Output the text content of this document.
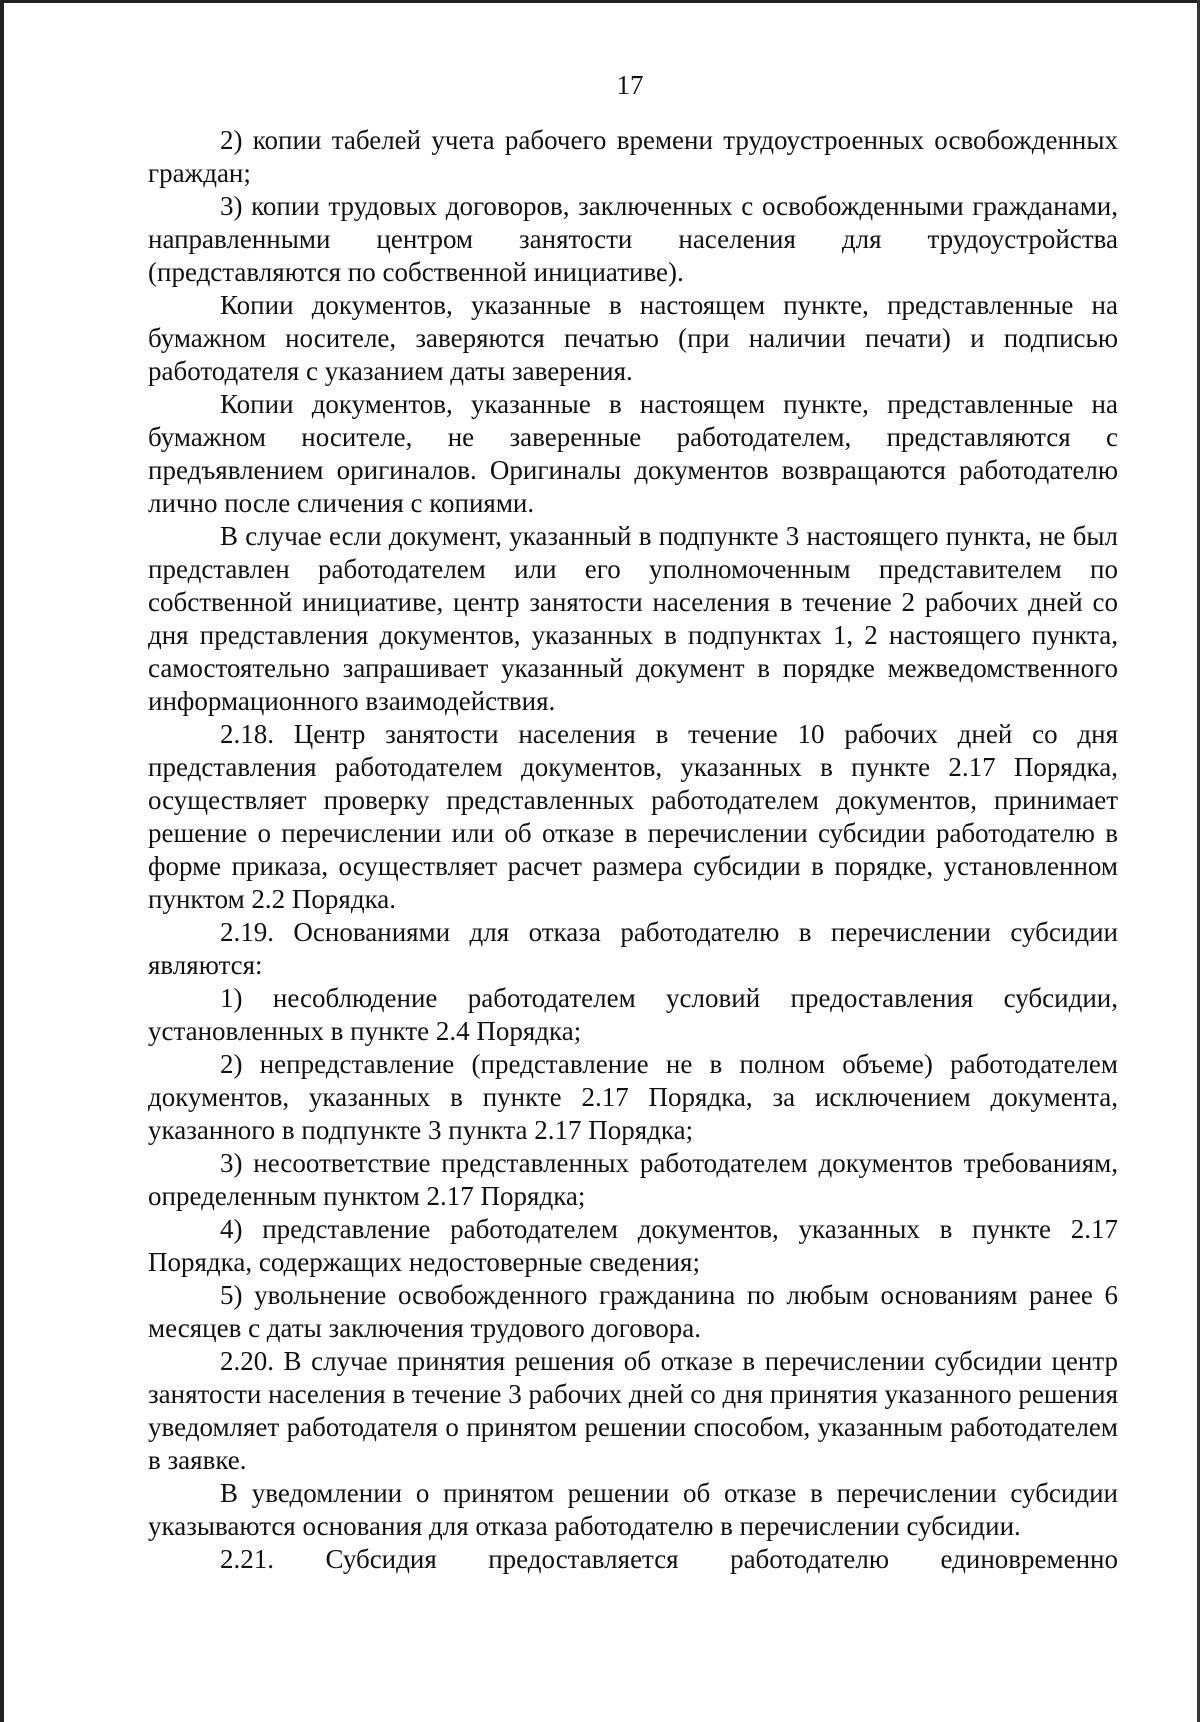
17

2) копии табелей учета рабочего времени трудоустроенных освобожденных граждан;

3) копии трудовых договоров, заключенных с освобожденными гражданами, направленными центром занятости населения для трудоустройства (представляются по собственной инициативе).

Копии документов, указанные в настоящем пункте, представленные на бумажном носителе, заверяются печатью (при наличии печати) и подписью работодателя с указанием даты заверения.

Копии документов, указанные в настоящем пункте, представленные на бумажном носителе, не заверенные работодателем, представляются с предъявлением оригиналов. Оригиналы документов возвращаются работодателю лично после сличения с копиями.

В случае если документ, указанный в подпункте 3 настоящего пункта, не был представлен работодателем или его уполномоченным представителем по собственной инициативе, центр занятости населения в течение 2 рабочих дней со дня представления документов, указанных в подпунктах 1, 2 настоящего пункта, самостоятельно запрашивает указанный документ в порядке межведомственного информационного взаимодействия.

2.18. Центр занятости населения в течение 10 рабочих дней со дня представления работодателем документов, указанных в пункте 2.17 Порядка, осуществляет проверку представленных работодателем документов, принимает решение о перечислении или об отказе в перечислении субсидии работодателю в форме приказа, осуществляет расчет размера субсидии в порядке, установленном пунктом 2.2 Порядка.

2.19. Основаниями для отказа работодателю в перечислении субсидии являются:

1) несоблюдение работодателем условий предоставления субсидии, установленных в пункте 2.4 Порядка;

2) непредставление (представление не в полном объеме) работодателем документов, указанных в пункте 2.17 Порядка, за исключением документа, указанного в подпункте 3 пункта 2.17 Порядка;

3) несоответствие представленных работодателем документов требованиям, определенным пунктом 2.17 Порядка;

4) представление работодателем документов, указанных в пункте 2.17 Порядка, содержащих недостоверные сведения;

5) увольнение освобожденного гражданина по любым основаниям ранее 6 месяцев с даты заключения трудового договора.

2.20. В случае принятия решения об отказе в перечислении субсидии центр занятости населения в течение 3 рабочих дней со дня принятия указанного решения уведомляет работодателя о принятом решении способом, указанным работодателем в заявке.

В уведомлении о принятом решении об отказе в перечислении субсидии указываются основания для отказа работодателю в перечислении субсидии.

2.21. Субсидия предоставляется работодателю единовременно
